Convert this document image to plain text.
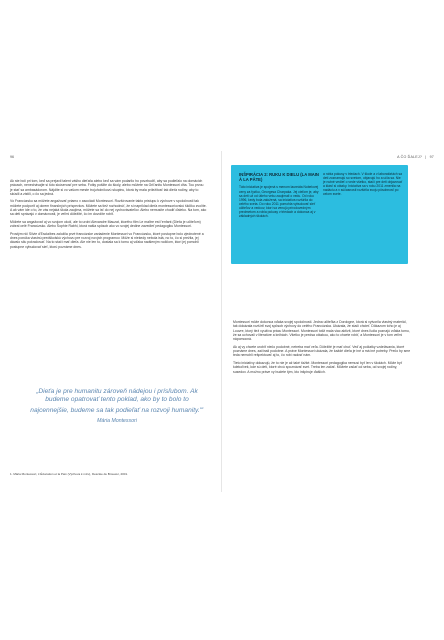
96	A ČO ĎALEJ? | 97

Ak ste boli pri tom, keď sa prejavil talent vášho dieťaťa alebo keď sa vám podarilo ho povzbudiť, aby sa podieľalo na domácich prácach, nenechávajte si túto skúsenosť pre seba. Fotky pošlite do školy, alebo môžete na Gril'anitu Montessori dňa. Tou prvou je stať sa ambasádorom. Nájdite si vo vašom meste trojuholníkovú skupinu, ktorá by mala príležitosť tak dieťa rodiny, aby to skúsili a zistili, o čo sa jedná.

Vo Francúzsku sa môžete angažovať priamo v asociácii Montessori. Rozšírovanie takto pristupu k výchove v spoločnosti tak môžete podporiť aj okrem finančných príspevkov. Môžete sa tiež rozhodnúť, že si napríklad dieťa montessoriovskú škôlku zvolíte. A ak vám ide o to, že vás nejaká škola zaujíma, môžete sa isť do nej vychovávateľov. Alebo nemusíte chodiť ďaleko. Na tom, ako sa deti správajú v domácnosti, je veľmi dôležité, čo im dovolíte robiť.

Môžete sa angažovať aj vo svojom okolí, ale to urobí Alexandre Mauzat, ktorého film Le maître est l'enfant (Dieťa je učiteľom) zobral celé Francúzsko. Alebo Sophie Rabhi, ktorá našla spôsob ako vo svojej dedine zavedieť pedagogiku Montessori.

Prostým nič Silvie d'Esclaibes založila prvé francúzske zariadenie Montessori vo Francúzsku, ktoré postupne bolo zjednotené a dnes ponúka vlastnú predškolskú výchovu pre rozvoj nových programov. Môže si niekedy nebola istá, no to, čo si prežila, jej dávalo silu pokračovať. Na to stačí mať dieťa. Ale nie len to, dostala sa k tomu aj vďaka nadšeným rodičom, ktorí jej pomohli postupne vybudovať sieť, ktorú poznáme dnes.

„Dieťa je pre humanitu zároveň nádejou i prísľubom. Ak budeme opatrovať tento poklad, ako by to bolo to najcennejšie, budeme sa tak podieľať na rozvoji humanity."$^1$

Mária Montessori
1. Mária Montessori, L'Éducation et la Paix (Výchova k míru), Desclée de Brouwer, 2001.
INŠPIRÁCIA 2: RUKU K DIELU (LA MAIN À LA PÂTE)

Táto iniciatíva je spojená s menom laureáta Nobelovej ceny za fyziku, Georgesa Charpaka. Jej cieľom je, aby sa deti už od útleho veku zaujímali o vedu. Od roku 1996, kedy bola založená, sa iniciatíva rozšírila do celého sveta. Do roku 2011 pomohla vybudovať sieť učiteľov a vedcov, ktorí sa venujú prírodovedným predmetom a robia pokusy v triedach a dokonca aj v základných školách.

a robia pokusy v triedach. V škole a v laboratóriách sa deti zoznamujú so svetom, objavujú ho a učia sa. Nie je nutné vedieť o vede všetko, stačí pre deti objavovať a klásť si otázky. Iniciatíva sa v roku 2011 zmenila na nadáciu a v súčasnosti rozšírila svoju pôsobnosť po celom svete.

Montessori môže dokonca vďaka svojej spoločnosti. Jedna učiteľka z Dordogne, ktorá si vytvorila vlastný materiál, tak dokázala rozšíriť svoj spôsob výchovy do celého Francúzska. Ukázala, že stačí chcieť. Dôkazom toho je aj Louvre, ktorý tiež využíva prácu Montessori. Montessori totiž mala viac aktivít, ktoré dnes ľudia poznajú vďaka tomu, že sa uchovali v literatúre a knihách. Všetko je predsa otázkou, ako to chcete robiť, a Montessori je v tom veľmi nápomocná.

Ak aj vy chcete urobiť niečo podobné, netreba mať veľa. Dôležité je mať chuť. Veď aj počiatky vzdelávania, ktoré poznáme dnes, začínali podobne. A práve Montessori ukázala, že každé dieťa je iné a má iné potreby. Prečo by sme teda nemohli rešpektovať aj to, čo robí radosť nám.

Tieto iniciatívy dokazujú, že to nie je až také ťažké. Montessori pedagogika nemusí byť len v školách. Môže byť kdekoľvek, kde sú deti, ktoré chcú spoznávať svet. Treba len začať. Môžete začať od seba, od svojej rodiny, susedov. A možno práve vy budete tým, kto inšpiruje ďalších.
